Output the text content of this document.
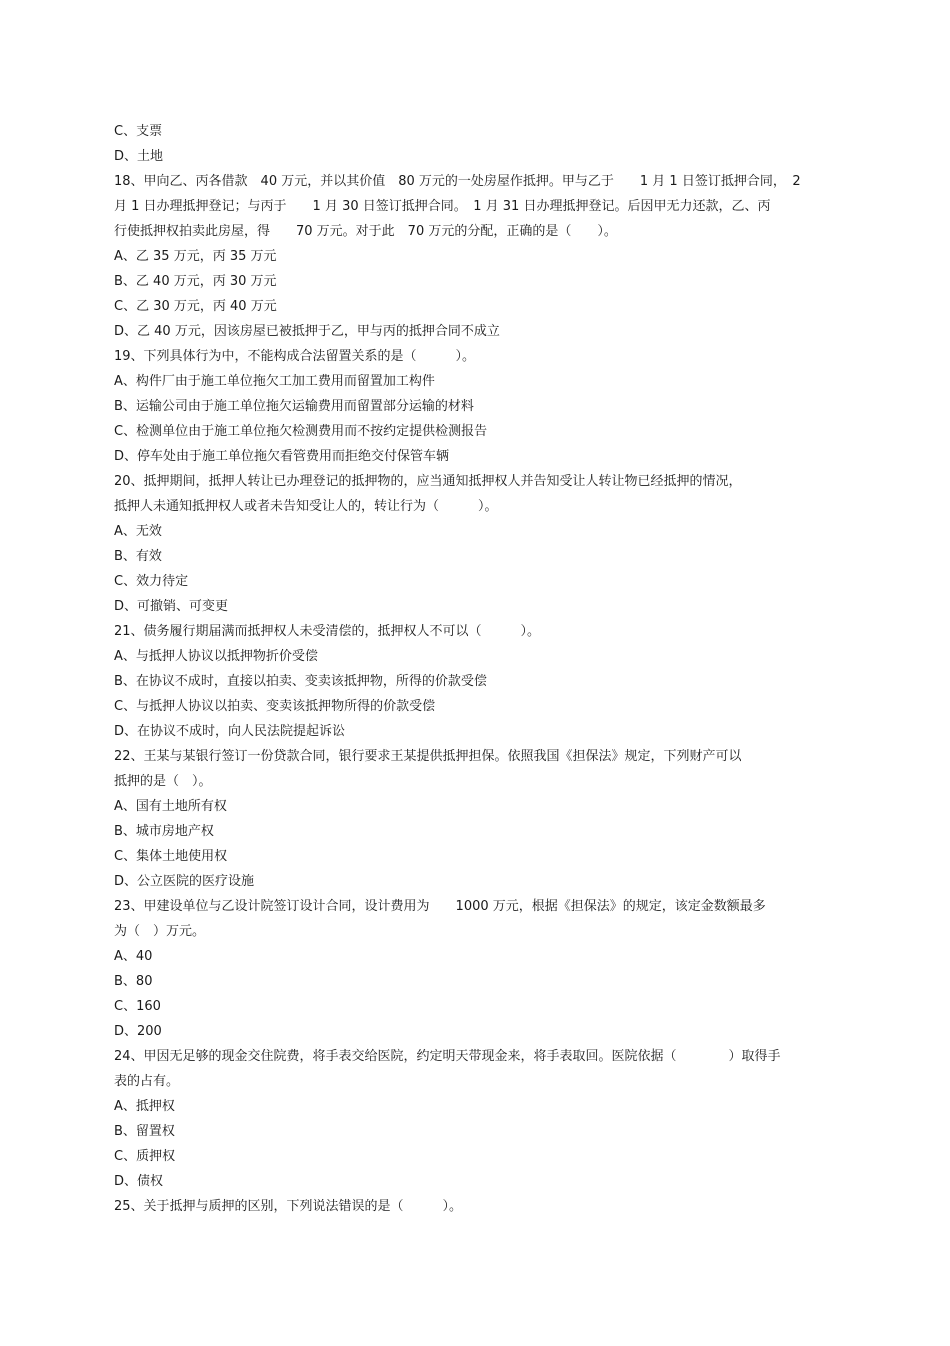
C、支票
D、土地
18、甲向乙、丙各借款　40 万元，并以其价值　80 万元的一处房屋作抵押。甲与乙于　　1 月 1 日签订抵押合同，　2
月 1 日办理抵押登记；与丙于　　1 月 30 日签订抵押合同。　1 月 31 日办理抵押登记。后因甲无力还款，乙、丙
行使抵押权拍卖此房屋，得　　70 万元。对于此　70 万元的分配，正确的是（　　）。
A、乙 35 万元，丙 35 万元
B、乙 40 万元，丙 30 万元
C、乙 30 万元，丙 40 万元
D、乙 40 万元，因该房屋已被抵押于乙，甲与丙的抵押合同不成立
19、下列具体行为中，不能构成合法留置关系的是（　　　）。
A、构件厂由于施工单位拖欠工加工费用而留置加工构件
B、运输公司由于施工单位拖欠运输费用而留置部分运输的材料
C、检测单位由于施工单位拖欠检测费用而不按约定提供检测报告
D、停车处由于施工单位拖欠看管费用而拒绝交付保管车辆
20、抵押期间，抵押人转让已办理登记的抵押物的，应当通知抵押权人并告知受让人转让物已经抵押的情况，
抵押人未通知抵押权人或者未告知受让人的，转让行为（　　　）。
A、无效
B、有效
C、效力待定
D、可撤销、可变更
21、债务履行期届满而抵押权人未受清偿的，抵押权人不可以（　　　）。
A、与抵押人协议以抵押物折价受偿
B、在协议不成时，直接以拍卖、变卖该抵押物，所得的价款受偿
C、与抵押人协议以拍卖、变卖该抵押物所得的价款受偿
D、在协议不成时，向人民法院提起诉讼
22、王某与某银行签订一份贷款合同，银行要求王某提供抵押担保。依照我国《担保法》规定，下列财产可以
抵押的是（　）。
A、国有土地所有权
B、城市房地产权
C、集体土地使用权
D、公立医院的医疗设施
23、甲建设单位与乙设计院签订设计合同，设计费用为　　1000 万元，根据《担保法》的规定，该定金数额最多
为（　）万元。
A、40
B、80
C、160
D、200
24、甲因无足够的现金交住院费，将手表交给医院，约定明天带现金来，将手表取回。医院依据（　　　　）取得手
表的占有。
A、抵押权
B、留置权
C、质押权
D、债权
25、关于抵押与质押的区别，下列说法错误的是（　　　）。
